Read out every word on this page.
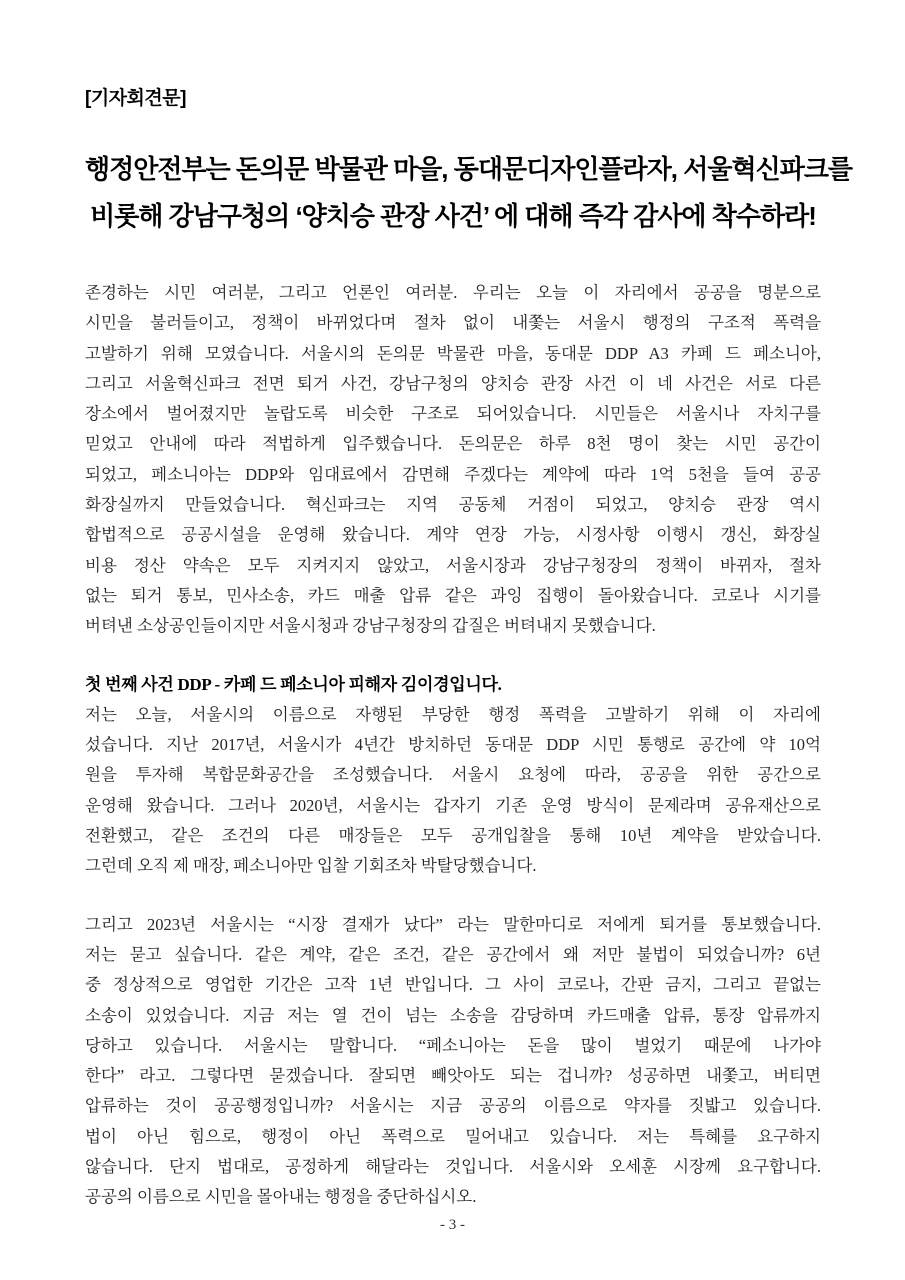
[기자회견문]
행정안전부는 돈의문 박물관 마을, 동대문디자인플라자, 서울혁신파크를
비롯해 강남구청의 ‘양치승 관장 사건’ 에 대해 즉각 감사에 착수하라!
존경하는 시민 여러분, 그리고 언론인 여러분. 우리는 오늘 이 자리에서 공공을 명분으로
시민을 불러들이고, 정책이 바뀌었다며 절차 없이 내쫓는 서울시 행정의 구조적 폭력을
고발하기 위해 모였습니다. 서울시의 돈의문 박물관 마을, 동대문 DDP A3 카페 드 페소니아,
그리고 서울혁신파크 전면 퇴거 사건, 강남구청의 양치승 관장 사건 이 네 사건은 서로 다른
장소에서 벌어졌지만 놀랍도록 비슷한 구조로 되어있습니다. 시민들은 서울시나 자치구를
믿었고 안내에 따라 적법하게 입주했습니다. 돈의문은 하루 8천 명이 찾는 시민 공간이
되었고, 페소니아는 DDP와 임대료에서 감면해 주겠다는 계약에 따라 1억 5천을 들여 공공
화장실까지 만들었습니다. 혁신파크는 지역 공동체 거점이 되었고, 양치승 관장 역시
합법적으로 공공시설을 운영해 왔습니다. 계약 연장 가능, 시정사항 이행시 갱신, 화장실
비용 정산 약속은 모두 지켜지지 않았고, 서울시장과 강남구청장의 정책이 바뀌자, 절차
없는 퇴거 통보, 민사소송, 카드 매출 압류 같은 과잉 집행이 돌아왔습니다. 코로나 시기를
버텨낸 소상공인들이지만 서울시청과 강남구청장의 갑질은 버텨내지 못했습니다.
첫 번째 사건 DDP - 카페 드 페소니아 피해자 김이경입니다.
저는 오늘, 서울시의 이름으로 자행된 부당한 행정 폭력을 고발하기 위해 이 자리에
섰습니다. 지난 2017년, 서울시가 4년간 방치하던 동대문 DDP 시민 통행로 공간에 약 10억
원을 투자해 복합문화공간을 조성했습니다. 서울시 요청에 따라, 공공을 위한 공간으로
운영해 왔습니다. 그러나 2020년, 서울시는 갑자기 기존 운영 방식이 문제라며 공유재산으로
전환했고, 같은 조건의 다른 매장들은 모두 공개입찰을 통해 10년 계약을 받았습니다.
그런데 오직 제 매장, 페소니아만 입찰 기회조차 박탈당했습니다.
그리고 2023년 서울시는 “시장 결재가 났다” 라는 말한마디로 저에게 퇴거를 통보했습니다.
저는 묻고 싶습니다. 같은 계약, 같은 조건, 같은 공간에서 왜 저만 불법이 되었습니까? 6년
중 정상적으로 영업한 기간은 고작 1년 반입니다. 그 사이 코로나, 간판 금지, 그리고 끝없는
소송이 있었습니다. 지금 저는 열 건이 넘는 소송을 감당하며 카드매출 압류, 통장 압류까지
당하고 있습니다. 서울시는 말합니다. “페소니아는 돈을 많이 벌었기 때문에 나가야
한다” 라고. 그렇다면 묻겠습니다. 잘되면 빼앗아도 되는 겁니까? 성공하면 내쫓고, 버티면
압류하는 것이 공공행정입니까? 서울시는 지금 공공의 이름으로 약자를 짓밟고 있습니다.
법이 아닌 힘으로, 행정이 아닌 폭력으로 밀어내고 있습니다. 저는 특혜를 요구하지
않습니다. 단지 법대로, 공정하게 해달라는 것입니다. 서울시와 오세훈 시장께 요구합니다.
공공의 이름으로 시민을 몰아내는 행정을 중단하십시오.
- 3 -
